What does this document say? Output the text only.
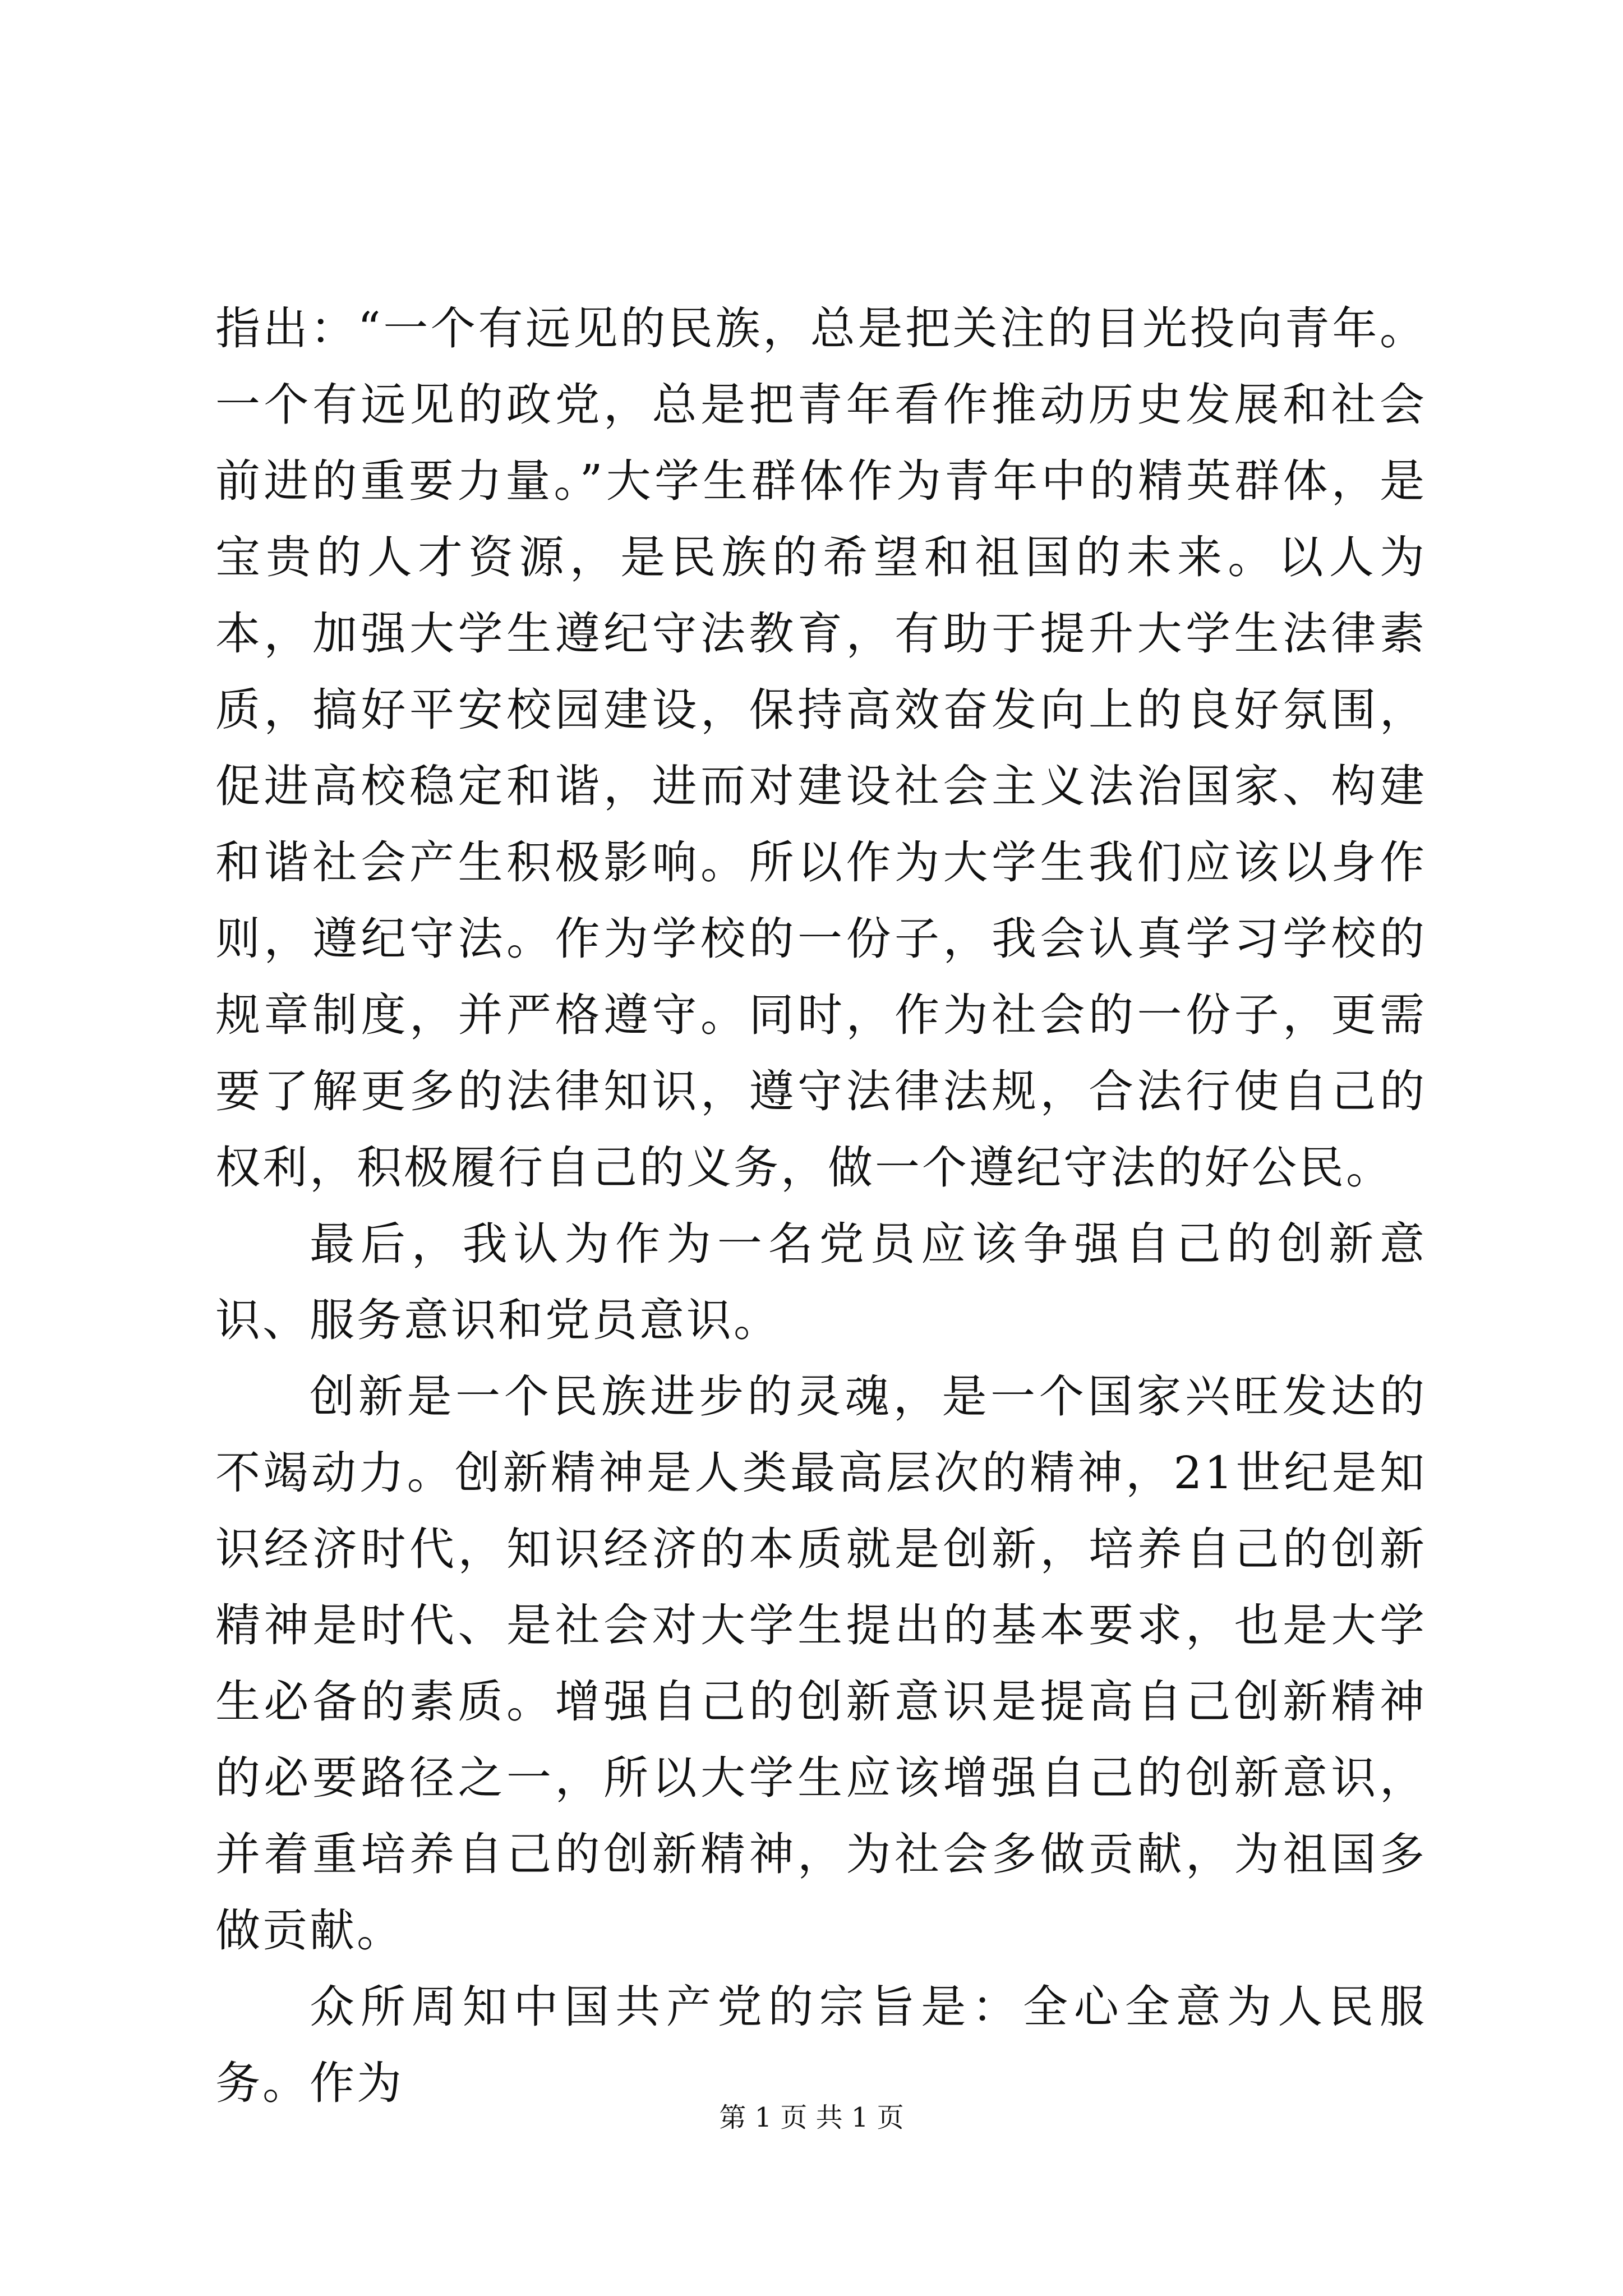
指出：“一个有远见的民族，总是把关注的目光投向青年。一个有远见的政党，总是把青年看作推动历史发展和社会前进的重要力量。”大学生群体作为青年中的精英群体，是宝贵的人才资源，是民族的希望和祖国的未来。以人为本，加强大学生遵纪守法教育，有助于提升大学生法律素质，搞好平安校园建设，保持高效奋发向上的良好氛围，促进高校稳定和谐，进而对建设社会主义法治国家、构建和谐社会产生积极影响。所以作为大学生我们应该以身作则，遵纪守法。作为学校的一份子，我会认真学习学校的规章制度，并严格遵守。同时，作为社会的一份子，更需要了解更多的法律知识，遵守法律法规，合法行使自己的权利，积极履行自己的义务，做一个遵纪守法的好公民。

最后，我认为作为一名党员应该争强自己的创新意识、服务意识和党员意识。

创新是一个民族进步的灵魂，是一个国家兴旺发达的不竭动力。创新精神是人类最高层次的精神，21世纪是知识经济时代，知识经济的本质就是创新，培养自己的创新精神是时代、是社会对大学生提出的基本要求，也是大学生必备的素质。增强自己的创新意识是提高自己创新精神的必要路径之一，所以大学生应该增强自己的创新意识，并着重培养自己的创新精神，为社会多做贡献，为祖国多做贡献。

众所周知中国共产党的宗旨是：全心全意为人民服务。作为

第 1 页 共 1 页
